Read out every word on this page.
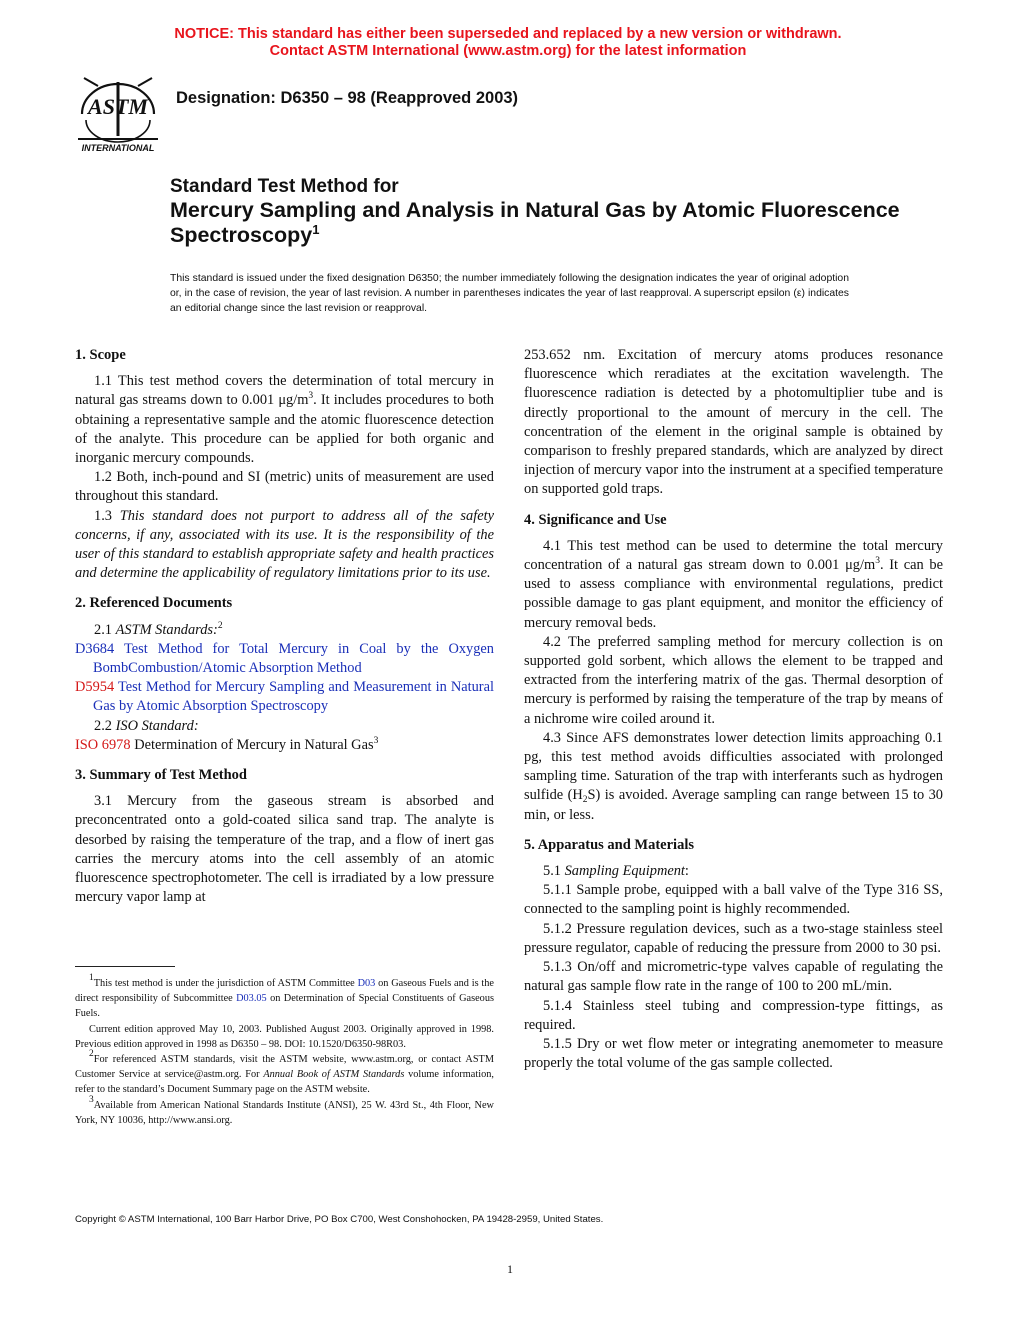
NOTICE: This standard has either been superseded and replaced by a new version or withdrawn.
Contact ASTM International (www.astm.org) for the latest information
ASTM
INTERNATIONAL
Designation: D6350 – 98 (Reapproved 2003)
Standard Test Method for
Mercury Sampling and Analysis in Natural Gas by Atomic Fluorescence Spectroscopy$^1$
This standard is issued under the fixed designation D6350; the number immediately following the designation indicates the year of original adoption or, in the case of revision, the year of last revision. A number in parentheses indicates the year of last reapproval. A superscript epsilon (ε) indicates an editorial change since the last revision or reapproval.
1. Scope

1.1 This test method covers the determination of total mercury in natural gas streams down to 0.001 $\mu g/m^3$. It includes procedures to both obtaining a representative sample and the atomic fluorescence detection of the analyte. This procedure can be applied for both organic and inorganic mercury compounds.

1.2 Both, inch-pound and SI (metric) units of measurement are used throughout this standard.

1.3 This standard does not purport to address all of the safety concerns, if any, associated with its use. It is the responsibility of the user of this standard to establish appropriate safety and health practices and determine the applicability of regulatory limitations prior to its use.

2. Referenced Documents

2.1 ASTM Standards:$^2$

D3684 Test Method for Total Mercury in Coal by the Oxygen BombCombustion/Atomic Absorption Method

D5954 Test Method for Mercury Sampling and Measurement in Natural Gas by Atomic Absorption Spectroscopy

2.2 ISO Standard:

ISO 6978 Determination of Mercury in Natural Gas$^3$

3. Summary of Test Method

3.1 Mercury from the gaseous stream is absorbed and preconcentrated onto a gold-coated silica sand trap. The analyte is desorbed by raising the temperature of the trap, and a flow of inert gas carries the mercury atoms into the cell assembly of an atomic fluorescence spectrophotometer. The cell is irradiated by a low pressure mercury vapor lamp at

$^1$This test method is under the jurisdiction of ASTM Committee D03 on Gaseous Fuels and is the direct responsibility of Subcommittee D03.05 on Determination of Special Constituents of Gaseous Fuels.

Current edition approved May 10, 2003. Published August 2003. Originally approved in 1998. Previous edition approved in 1998 as D6350 – 98. DOI: 10.1520/D6350-98R03.

$^2$For referenced ASTM standards, visit the ASTM website, www.astm.org, or contact ASTM Customer Service at service@astm.org. For Annual Book of ASTM Standards volume information, refer to the standard’s Document Summary page on the ASTM website.

$^3$Available from American National Standards Institute (ANSI), 25 W. 43rd St., 4th Floor, New York, NY 10036, http://www.ansi.org.

253.652 nm. Excitation of mercury atoms produces resonance fluorescence which reradiates at the excitation wavelength. The fluorescence radiation is detected by a photomultiplier tube and is directly proportional to the amount of mercury in the cell. The concentration of the element in the original sample is obtained by comparison to freshly prepared standards, which are analyzed by direct injection of mercury vapor into the instrument at a specified temperature on supported gold traps.

4. Significance and Use

4.1 This test method can be used to determine the total mercury concentration of a natural gas stream down to 0.001 $\mu g/m^3$. It can be used to assess compliance with environmental regulations, predict possible damage to gas plant equipment, and monitor the efficiency of mercury removal beds.

4.2 The preferred sampling method for mercury collection is on supported gold sorbent, which allows the element to be trapped and extracted from the interfering matrix of the gas. Thermal desorption of mercury is performed by raising the temperature of the trap by means of a nichrome wire coiled around it.

4.3 Since AFS demonstrates lower detection limits approaching 0.1 pg, this test method avoids difficulties associated with prolonged sampling time. Saturation of the trap with interferants such as hydrogen sulfide $(H_2S)$ is avoided. Average sampling can range between 15 to 30 min, or less.

5. Apparatus and Materials

5.1 Sampling Equipment:

5.1.1 Sample probe, equipped with a ball valve of the Type 316 SS, connected to the sampling point is highly recommended.

5.1.2 Pressure regulation devices, such as a two-stage stainless steel pressure regulator, capable of reducing the pressure from 2000 to 30 psi.

5.1.3 On/off and micrometric-type valves capable of regulating the natural gas sample flow rate in the range of 100 to 200 mL/min.

5.1.4 Stainless steel tubing and compression-type fittings, as required.

5.1.5 Dry or wet flow meter or integrating anemometer to measure properly the total volume of the gas sample collected.

Copyright © ASTM International, 100 Barr Harbor Drive, PO Box C700, West Conshohocken, PA 19428-2959, United States.
1
